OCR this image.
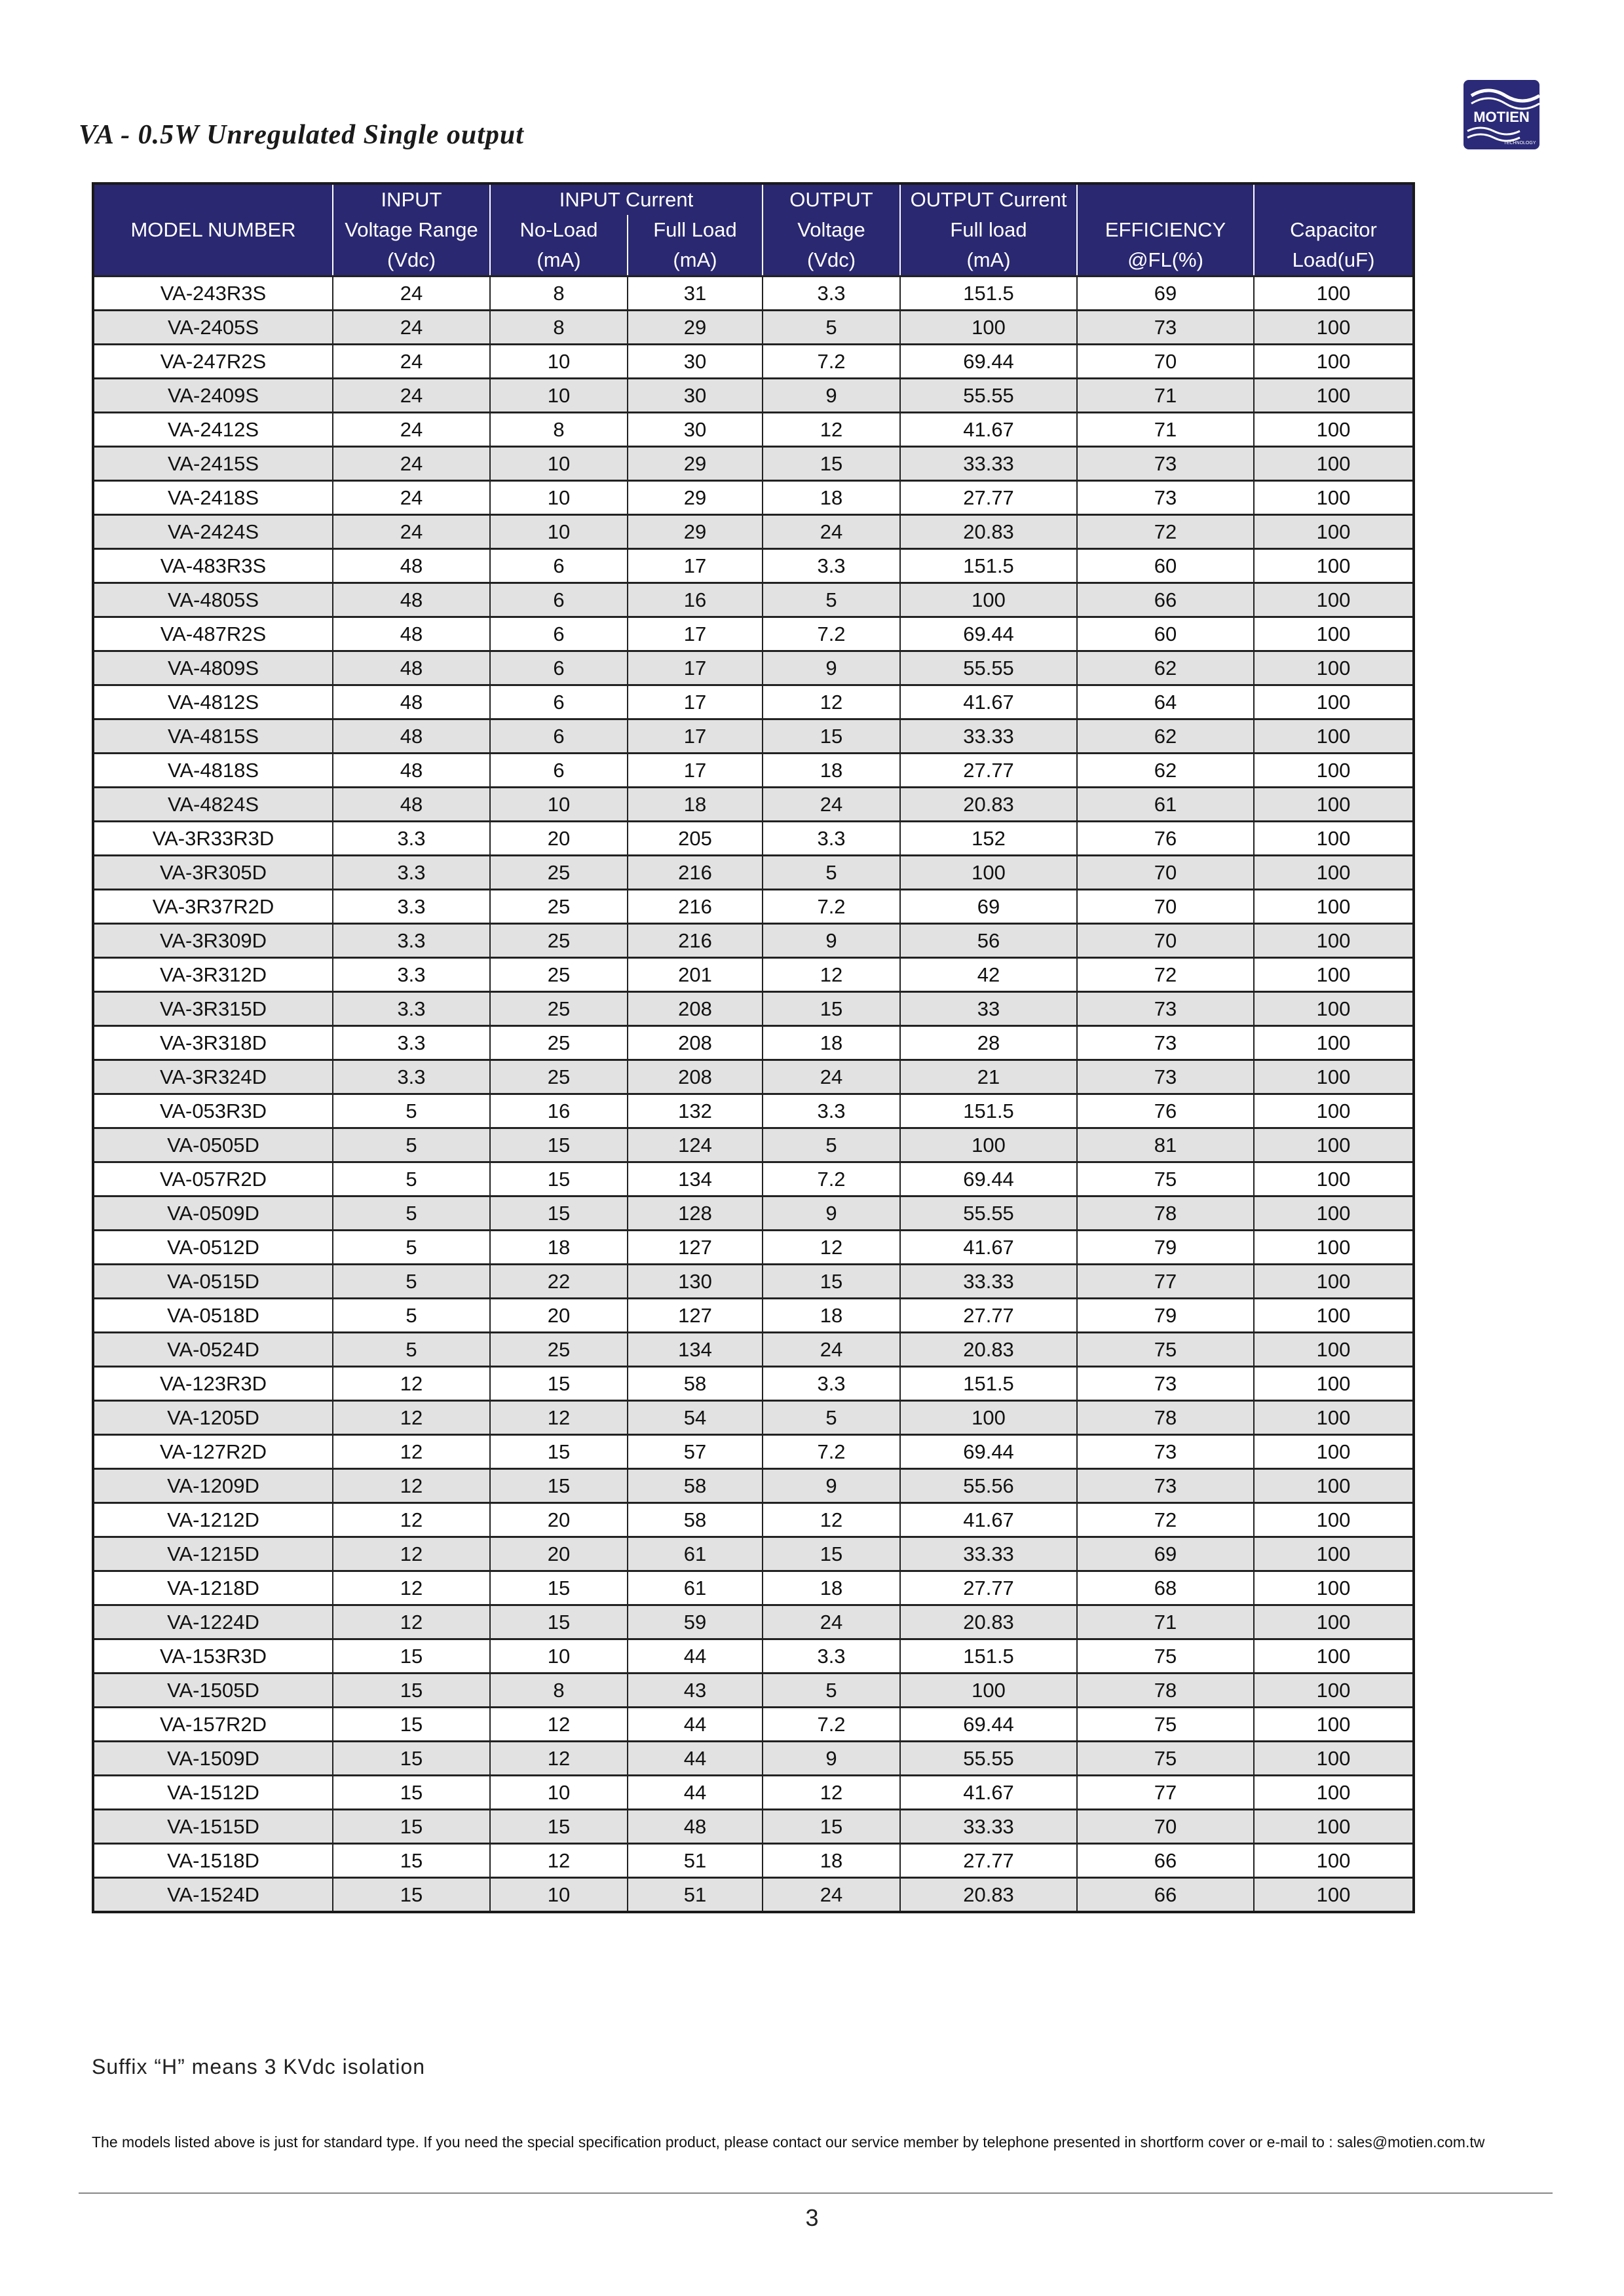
VA - 0.5W Unregulated Single output
MOTIEN
TECHNOLOGY
MODEL NUMBER	INPUT	INPUT Current		OUTPUT	OUTPUT Current		
	Voltage Range	No-Load	Full Load	Voltage	Full load	EFFICIENCY	Capacitor
	(Vdc)	(mA)	(mA)	(Vdc)	(mA)	@FL(%)	Load(uF)
VA-243R3S	24	8	31	3.3	151.5	69	100
VA-2405S	24	8	29	5	100	73	100
VA-247R2S	24	10	30	7.2	69.44	70	100
VA-2409S	24	10	30	9	55.55	71	100
VA-2412S	24	8	30	12	41.67	71	100
VA-2415S	24	10	29	15	33.33	73	100
VA-2418S	24	10	29	18	27.77	73	100
VA-2424S	24	10	29	24	20.83	72	100
VA-483R3S	48	6	17	3.3	151.5	60	100
VA-4805S	48	6	16	5	100	66	100
VA-487R2S	48	6	17	7.2	69.44	60	100
VA-4809S	48	6	17	9	55.55	62	100
VA-4812S	48	6	17	12	41.67	64	100
VA-4815S	48	6	17	15	33.33	62	100
VA-4818S	48	6	17	18	27.77	62	100
VA-4824S	48	10	18	24	20.83	61	100
VA-3R33R3D	3.3	20	205	3.3	152	76	100
VA-3R305D	3.3	25	216	5	100	70	100
VA-3R37R2D	3.3	25	216	7.2	69	70	100
VA-3R309D	3.3	25	216	9	56	70	100
VA-3R312D	3.3	25	201	12	42	72	100
VA-3R315D	3.3	25	208	15	33	73	100
VA-3R318D	3.3	25	208	18	28	73	100
VA-3R324D	3.3	25	208	24	21	73	100
VA-053R3D	5	16	132	3.3	151.5	76	100
VA-0505D	5	15	124	5	100	81	100
VA-057R2D	5	15	134	7.2	69.44	75	100
VA-0509D	5	15	128	9	55.55	78	100
VA-0512D	5	18	127	12	41.67	79	100
VA-0515D	5	22	130	15	33.33	77	100
VA-0518D	5	20	127	18	27.77	79	100
VA-0524D	5	25	134	24	20.83	75	100
VA-123R3D	12	15	58	3.3	151.5	73	100
VA-1205D	12	12	54	5	100	78	100
VA-127R2D	12	15	57	7.2	69.44	73	100
VA-1209D	12	15	58	9	55.56	73	100
VA-1212D	12	20	58	12	41.67	72	100
VA-1215D	12	20	61	15	33.33	69	100
VA-1218D	12	15	61	18	27.77	68	100
VA-1224D	12	15	59	24	20.83	71	100
VA-153R3D	15	10	44	3.3	151.5	75	100
VA-1505D	15	8	43	5	100	78	100
VA-157R2D	15	12	44	7.2	69.44	75	100
VA-1509D	15	12	44	9	55.55	75	100
VA-1512D	15	10	44	12	41.67	77	100
VA-1515D	15	15	48	15	33.33	70	100
VA-1518D	15	12	51	18	27.77	66	100
VA-1524D	15	10	51	24	20.83	66	100
Suffix “H” means 3 KVdc isolation
The models listed above is just for standard type. If you need the special specification product, please contact our service member by telephone presented in shortform cover or e-mail to : sales@motien.com.tw
3
